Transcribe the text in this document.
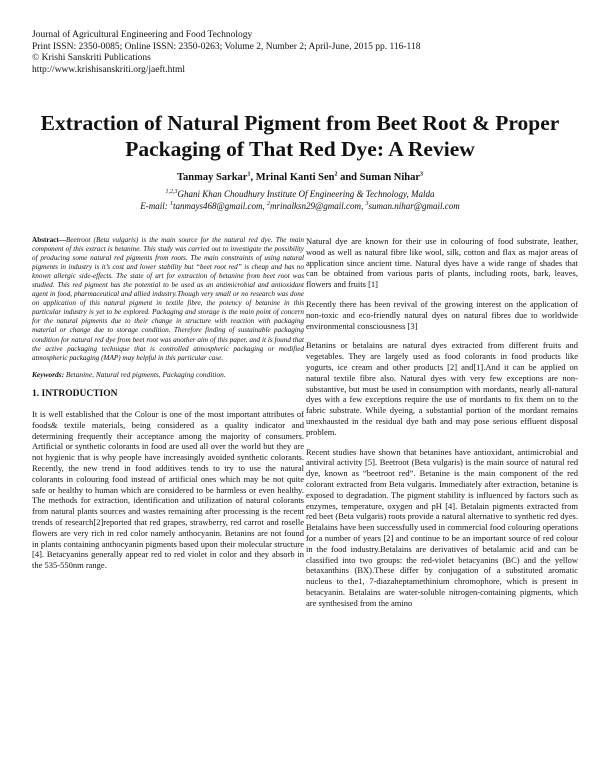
Journal of Agricultural Engineering and Food Technology
Print ISSN: 2350-0085; Online ISSN: 2350-0263; Volume 2, Number 2; April-June, 2015 pp. 116-118
© Krishi Sanskriti Publications
http://www.krishisanskriti.org/jaeft.html
Extraction of Natural Pigment from Beet Root & Proper Packaging of That Red Dye: A Review
Tanmay Sarkar$^1$, Mrinal Kanti Sen$^2$ and Suman Nihar$^3$
$^{1,2,3}$Ghani Khan Choudhury Institute Of Engineering & Technology, Malda
E-mail: $^1$tanmays468@gmail.com, $^2$mrinalksn29@gmail.com, $^3$suman.nihar@gmail.com
Abstract—Beetroot (Beta vulgaris) is the main source for the natural red dye. The main component of this extract is betanine. This study was carried out to investigate the possibility of producing some natural red pigments from roots. The main constraints of using natural pigments in industry is it’s cost and lower stability but “beet root red” is cheap and has no known allergic side-effects. The state of art for extraction of betanine from beet root was studied. This red pigment has the potential to be used as an antimicrobial and antioxidant agent in food, pharmaceutical and allied industry.Though very small or no research was done on application of this natural pigment in textile fibre, the potency of betanine in this particular industry is yet to be explored. Packaging and storage is the main point of concern for the natural pigments due to their change in structure with reaction with packaging material or change due to storage condition. Therefore finding of sustainable packaging condition for natural red dye from beet root was another aim of this paper, and it is found that the active packaging technique that is controlled atmospheric packaging or modified atmospheric packaging (MAP) may helpful in this particular case.
Keywords: Betanine, Natural red pigments, Packaging condition.
1. INTRODUCTION

It is well established that the Colour is one of the most important attributes of foods& textile materials, being considered as a quality indicator and determining frequently their acceptance among the majority of consumers. Artificial or synthetic colorants in food are used all over the world but they are not hygienic that is why people have increasingly avoided synthetic colorants. Recently, the new trend in food additives tends to try to use the natural colorants in colouring food instead of artificial ones which may be not quite safe or healthy to human which are considered to be harmless or even healthy. The methods for extraction, identification and utilization of natural colorants from natural plants sources and wastes remaining after processing is the recent trends of research[2]reported that red grapes, strawberry, red carrot and roselle flowers are very rich in red color namely anthocyanin. Betanins are not found in plants containing anthocyanin pigments based upon their molecular structure [4]. Betacyanins generally appear red to red violet in color and they absorb in the 535-550nm range.

Natural dye are known for their use in colouring of food substrate, leather, wood as well as natural fibre like wool, silk, cotton and flax as major areas of application since ancient time. Natural dyes have a wide range of shades that can be obtained from various parts of plants, including roots, bark, leaves, flowers and fruits [1]

Recently there has been revival of the growing interest on the application of non-toxic and eco-friendly natural dyes on natural fibres due to worldwide environmental consciousness [3]

Betanins or betalains are natural dyes extracted from different fruits and vegetables. They are largely used as food colorants in food products like yogurts, ice cream and other products [2] and[1].And it can be applied on natural textile fibre also. Natural dyes with very few exceptions are non-substantive, but must be used in consumption with mordants, nearly all-natural dyes with a few exceptions require the use of mordants to fix them on to the fabric substrate. While dyeing, a substantial portion of the mordant remains unexhausted in the residual dye bath and may pose serious effluent disposal problem.

Recent studies have shown that betanines have antioxidant, antimicrobial and antiviral activity [5]. Beetroot (Beta vulgaris) is the main source of natural red dye, known as “beetroot red”. Betanine is the main component of the red colorant extracted from Beta vulgaris. Immediately after extraction, betanine is exposed to degradation. The pigment stability is influenced by factors such as enzymes, temperature, oxygen and pH [4]. Betalain pigments extracted from red beet (Beta vulgaris) roots provide a natural alternative to synthetic red dyes. Betalains have been successfully used in commercial food colouring operations for a number of years [2] and continue to be an important source of red colour in the food industry.Betalains are derivatives of betalamic acid and can be classified into two groups: the red-violet betacyanins (BC) and the yellow betaxanthins (BX).These differ by conjugation of a substituted aromatic nucleus to the1, 7-diazaheptamethinium chromophore, which is present in betacyanin. Betalains are water-soluble nitrogen-containing pigments, which are synthesised from the amino
